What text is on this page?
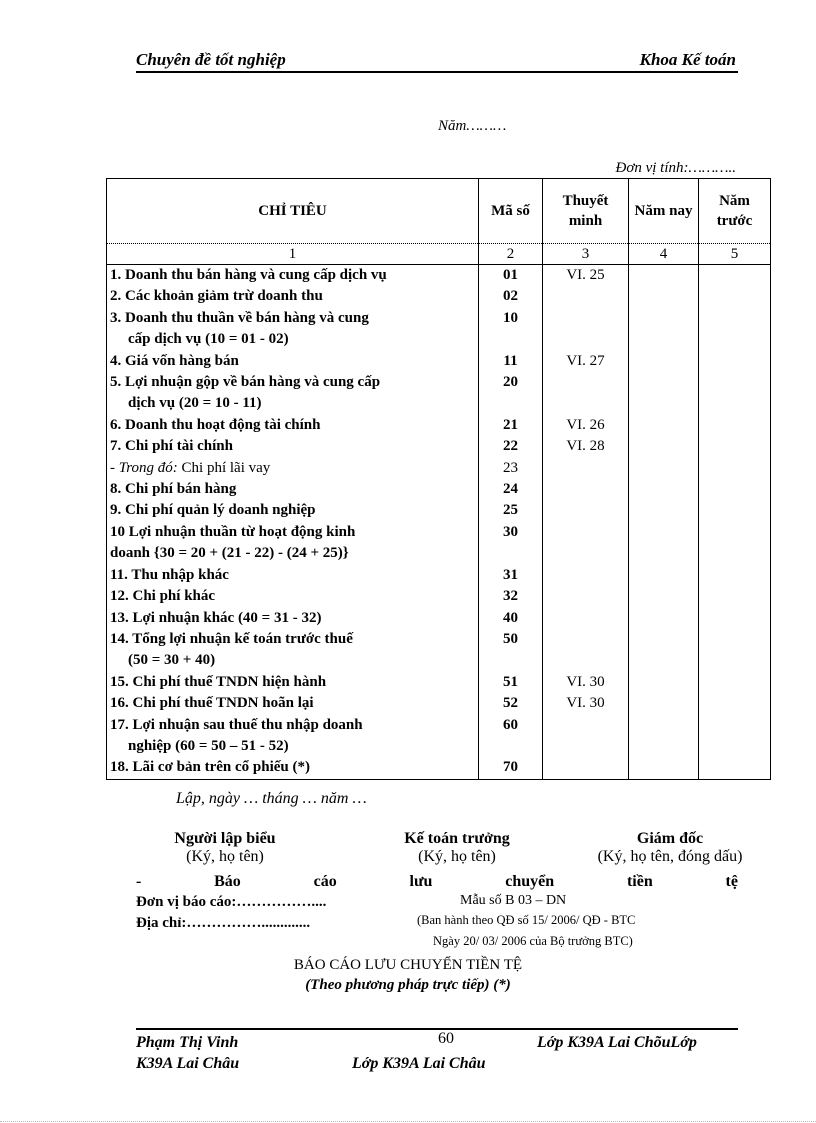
Chuyên đề tốt nghiệp	Khoa Kế toán
Năm………
Đơn vị tính:………..
CHỈ TIÊU	Mã số	Thuyết minh	Năm nay	Năm trước
1	2	3	4	5

1. Doanh thu bán hàng và cung cấp dịch vụ	01	VI. 25		

2. Các khoản giảm trừ doanh thu	02			

3. Doanh thu thuần về bán hàng và cung
cấp dịch vụ (10 = 01 - 02)	10			

4. Giá vốn hàng bán	11	VI. 27		

5. Lợi nhuận gộp về bán hàng và cung cấp
dịch vụ (20 = 10 - 11)	20			

6. Doanh thu hoạt động tài chính	21	VI. 26		

7. Chi phí tài chính	22	VI. 28		
- Trong đó: Chi phí lãi vay	23			

8. Chi phí bán hàng	24			

9. Chi phí quản lý doanh nghiệp	25			

10 Lợi nhuận thuần từ hoạt động kinh
doanh {30 = 20 + (21 - 22) - (24 + 25)}	30			

11. Thu nhập khác	31			

12. Chi phí khác	32			

13. Lợi nhuận khác (40 = 31 - 32)	40			

14. Tổng lợi nhuận kế toán trước thuế
(50 = 30 + 40)	50			

15. Chi phí thuế TNDN hiện hành	51	VI. 30		

16. Chi phí thuế TNDN hoãn lại	52	VI. 30		

17. Lợi nhuận sau thuế thu nhập doanh
nghiệp (60 = 50 – 51 - 52)	60			

18. Lãi cơ bản trên cổ phiếu (*)	70			
Lập, ngày … tháng … năm …
Người lập biểu
(Ký, họ tên)
Kế toán trưởng
(Ký, họ tên)
Giám đốc
(Ký, họ tên, đóng dấu)
-	Báo	cáo	lưu	chuyển	tiền	tệ
Đơn vị báo cáo:……………....
Địa chỉ:…………….............
Mẫu số B 03 – DN
(Ban hành theo QĐ số 15/ 2006/ QĐ - BTC
Ngày 20/ 03/ 2006 của Bộ trưởng BTC)
BÁO CÁO LƯU CHUYỂN TIỀN TỆ
(Theo phương pháp trực tiếp) (*)
60
Phạm Thị Vinh	Lớp K39A Lai ChõuLớp
K39A Lai Châu	Lớp K39A Lai Châu
